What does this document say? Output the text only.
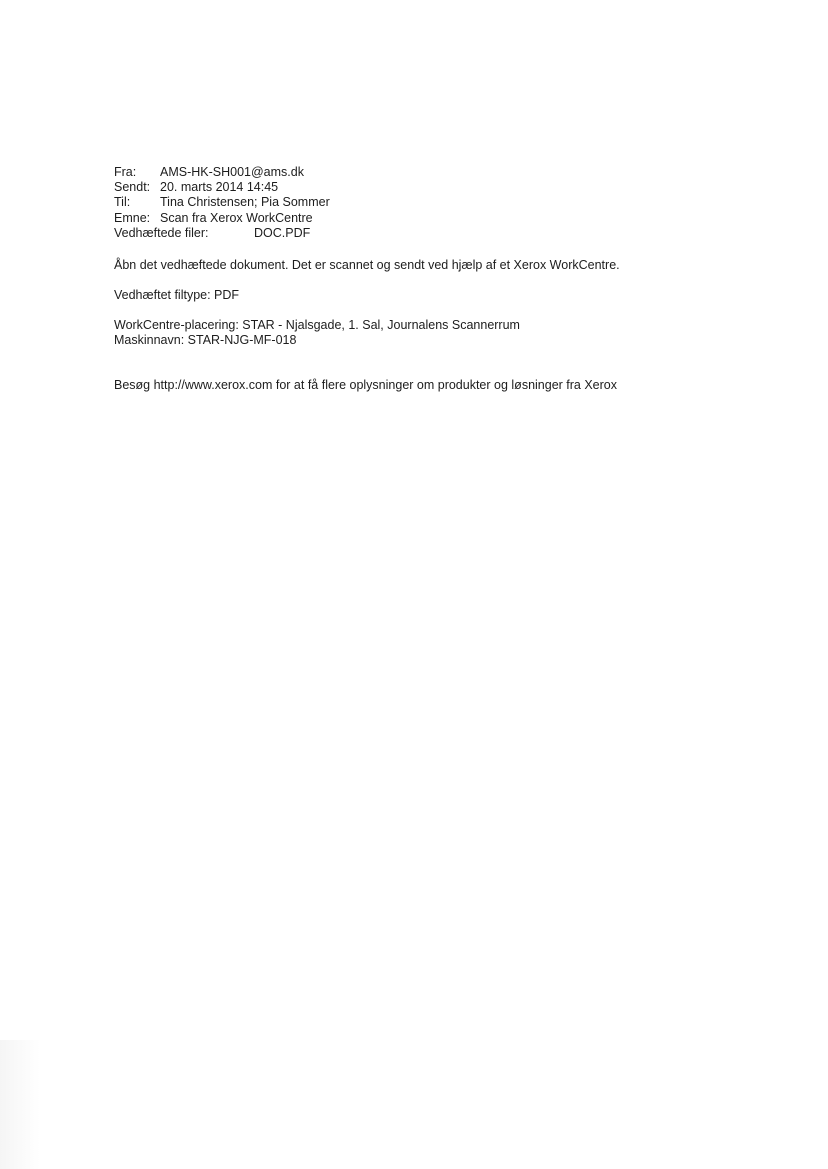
Fra:	AMS-HK-SH001@ams.dk
Sendt: 20. marts 2014 14:45
Til:	Tina Christensen; Pia Sommer
Emne: Scan fra Xerox WorkCentre
Vedhæftede filer:	DOC.PDF
Åbn det vedhæftede dokument. Det er scannet og sendt ved hjælp af et Xerox WorkCentre.
Vedhæftet filtype: PDF
WorkCentre-placering: STAR - Njalsgade, 1. Sal, Journalens Scannerrum
Maskinnavn: STAR-NJG-MF-018
Besøg http://www.xerox.com for at få flere oplysninger om produkter og løsninger fra Xerox
